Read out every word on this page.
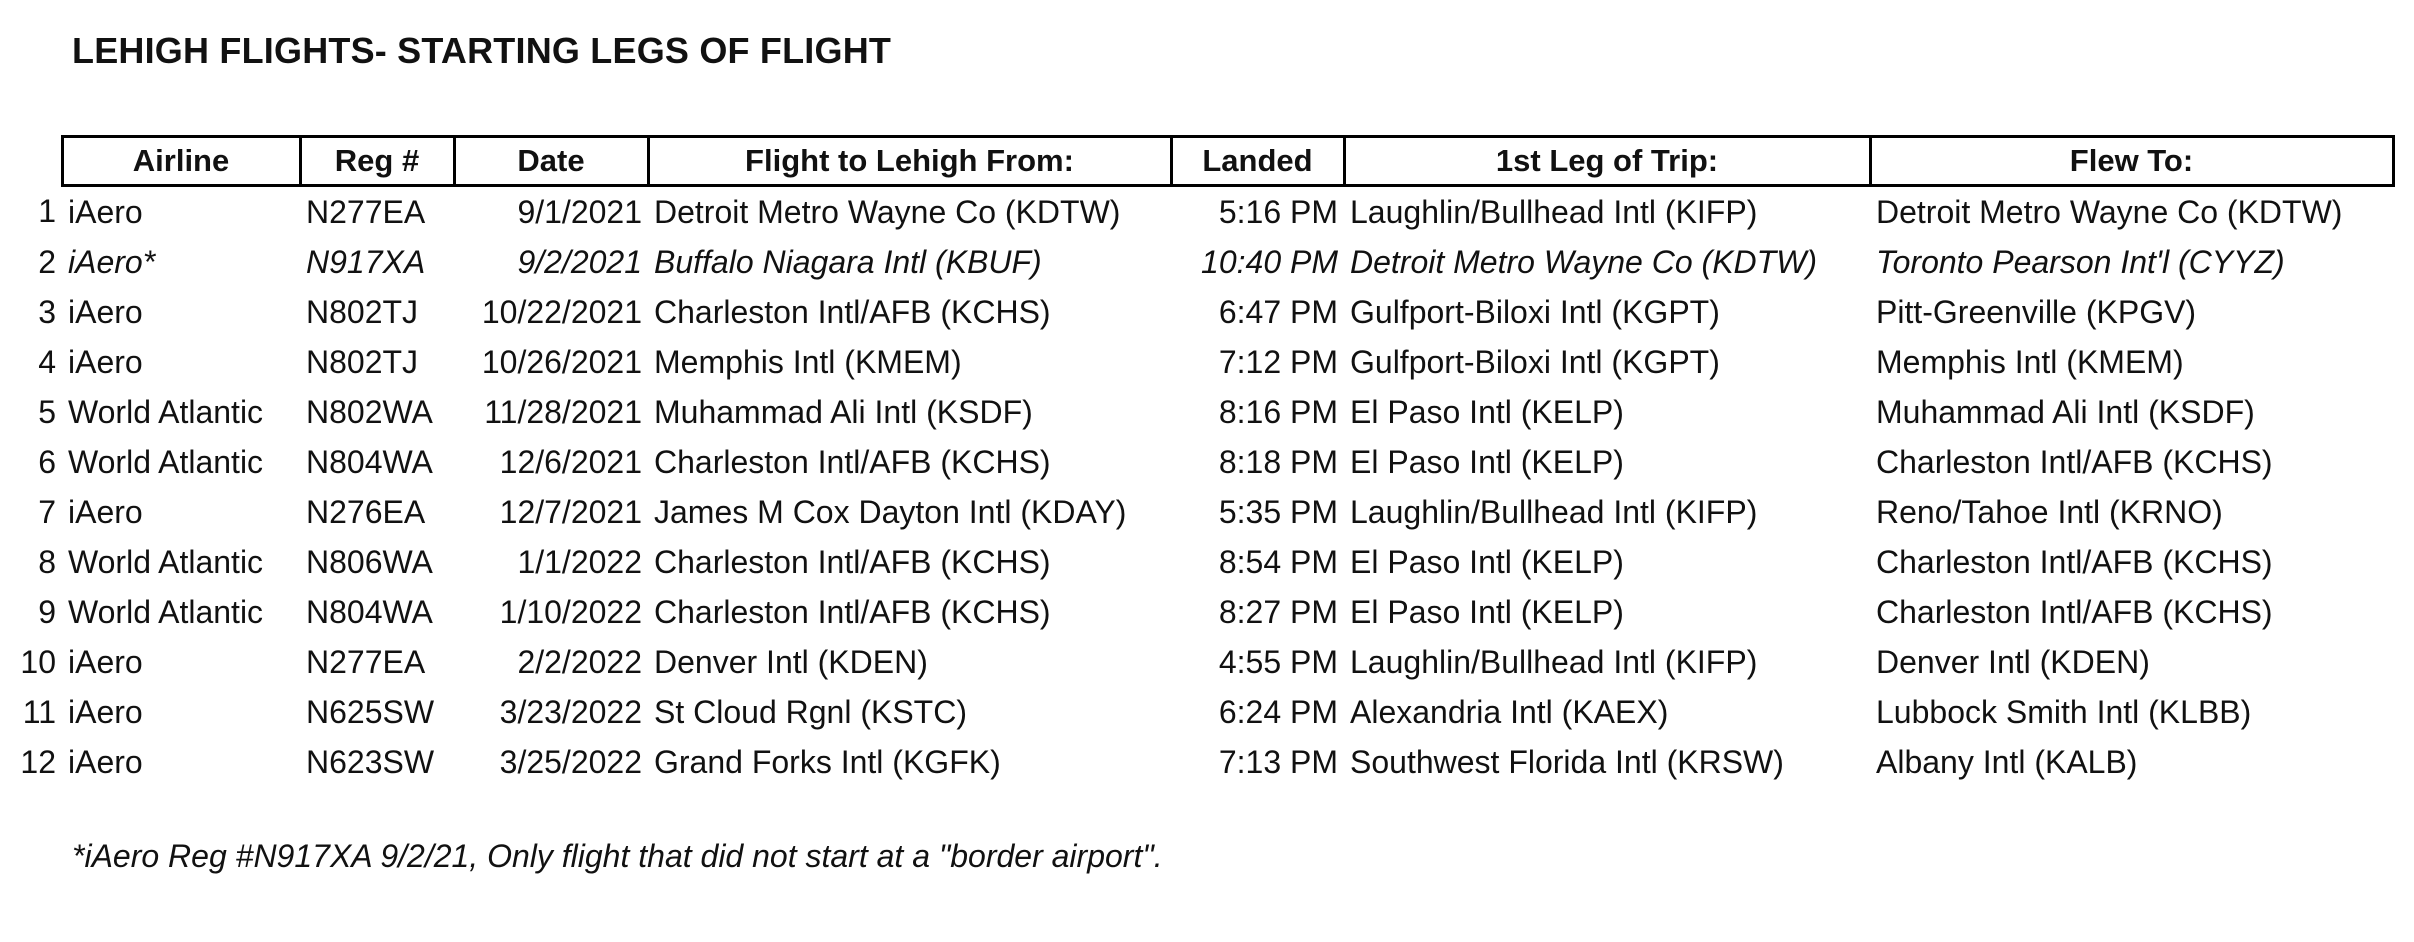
LEHIGH FLIGHTS- STARTING LEGS OF FLIGHT
	Airline	Reg #	Date	Flight to Lehigh From:	Landed	1st Leg of Trip:	Flew To:
1	iAero	N277EA	9/1/2021	Detroit Metro Wayne Co (KDTW)	5:16 PM	Laughlin/Bullhead Intl (KIFP)	Detroit Metro Wayne Co (KDTW)
2	iAero*	N917XA	9/2/2021	Buffalo Niagara Intl (KBUF)	10:40 PM	Detroit Metro Wayne Co (KDTW)	Toronto Pearson Int'l (CYYZ)
3	iAero	N802TJ	10/22/2021	Charleston Intl/AFB (KCHS)	6:47 PM	Gulfport-Biloxi Intl (KGPT)	Pitt-Greenville (KPGV)
4	iAero	N802TJ	10/26/2021	Memphis Intl (KMEM)	7:12 PM	Gulfport-Biloxi Intl (KGPT)	Memphis Intl (KMEM)
5	World Atlantic	N802WA	11/28/2021	Muhammad Ali Intl (KSDF)	8:16 PM	El Paso Intl (KELP)	Muhammad Ali Intl (KSDF)
6	World Atlantic	N804WA	12/6/2021	Charleston Intl/AFB (KCHS)	8:18 PM	El Paso Intl (KELP)	Charleston Intl/AFB (KCHS)
7	iAero	N276EA	12/7/2021	James M Cox Dayton Intl (KDAY)	5:35 PM	Laughlin/Bullhead Intl (KIFP)	Reno/Tahoe Intl (KRNO)
8	World Atlantic	N806WA	1/1/2022	Charleston Intl/AFB (KCHS)	8:54 PM	El Paso Intl (KELP)	Charleston Intl/AFB (KCHS)
9	World Atlantic	N804WA	1/10/2022	Charleston Intl/AFB (KCHS)	8:27 PM	El Paso Intl (KELP)	Charleston Intl/AFB (KCHS)
10	iAero	N277EA	2/2/2022	Denver Intl (KDEN)	4:55 PM	Laughlin/Bullhead Intl (KIFP)	Denver Intl (KDEN)
11	iAero	N625SW	3/23/2022	St Cloud Rgnl (KSTC)	6:24 PM	Alexandria Intl (KAEX)	Lubbock Smith Intl (KLBB)
12	iAero	N623SW	3/25/2022	Grand Forks Intl (KGFK)	7:13 PM	Southwest Florida Intl (KRSW)	Albany Intl (KALB)
*iAero Reg #N917XA 9/2/21, Only flight that did not start at a "border airport".
